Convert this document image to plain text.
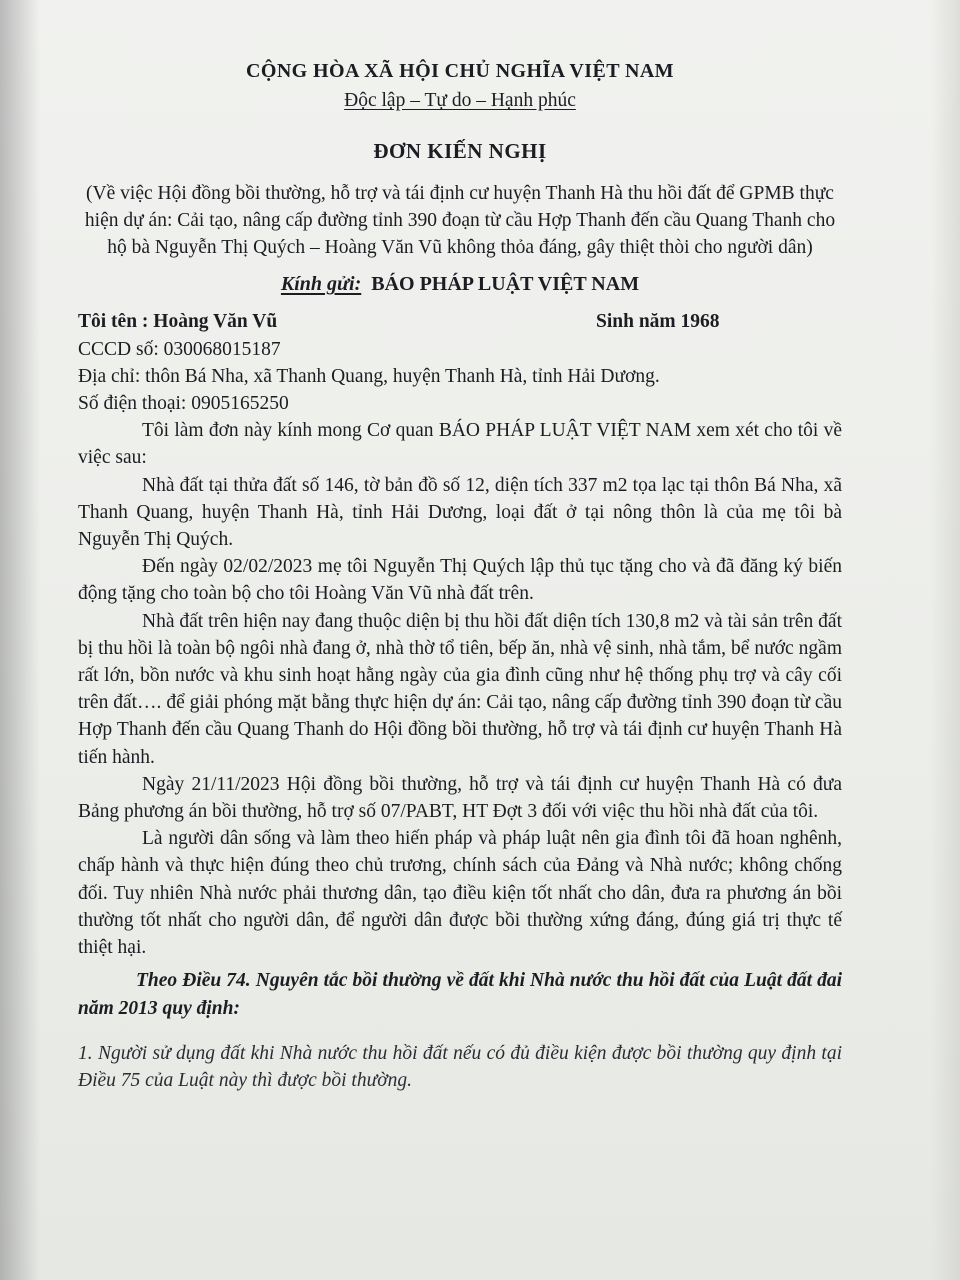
CỘNG HÒA XÃ HỘI CHỦ NGHĨA VIỆT NAM

Độc lập – Tự do – Hạnh phúc

ĐƠN KIẾN NGHỊ

(Về việc Hội đồng bồi thường, hỗ trợ và tái định cư huyện Thanh Hà thu hồi đất để GPMB thực hiện dự án: Cải tạo, nâng cấp đường tỉnh 390 đoạn từ cầu Hợp Thanh đến cầu Quang Thanh cho hộ bà Nguyễn Thị Quých – Hoàng Văn Vũ không thỏa đáng, gây thiệt thòi cho người dân)

Kính gửi: BÁO PHÁP LUẬT VIỆT NAM

Tôi tên : Hoàng Văn Vũ	Sinh năm 1968

CCCD số: 030068015187

Địa chỉ: thôn Bá Nha, xã Thanh Quang, huyện Thanh Hà, tỉnh Hải Dương.

Số điện thoại: 0905165250

Tôi làm đơn này kính mong Cơ quan BÁO PHÁP LUẬT VIỆT NAM xem xét cho tôi về việc sau:

Nhà đất tại thửa đất số 146, tờ bản đồ số 12, diện tích 337 m2 tọa lạc tại thôn Bá Nha, xã Thanh Quang, huyện Thanh Hà, tỉnh Hải Dương, loại đất ở tại nông thôn là của mẹ tôi bà Nguyễn Thị Quých.

Đến ngày 02/02/2023 mẹ tôi Nguyễn Thị Quých lập thủ tục tặng cho và đã đăng ký biến động tặng cho toàn bộ cho tôi Hoàng Văn Vũ nhà đất trên.

Nhà đất trên hiện nay đang thuộc diện bị thu hồi đất diện tích 130,8 m2 và tài sản trên đất bị thu hồi là toàn bộ ngôi nhà đang ở, nhà thờ tổ tiên, bếp ăn, nhà vệ sinh, nhà tắm, bể nước ngầm rất lớn, bồn nước và khu sinh hoạt hằng ngày của gia đình cũng như hệ thống phụ trợ và cây cối trên đất…. để giải phóng mặt bằng thực hiện dự án: Cải tạo, nâng cấp đường tỉnh 390 đoạn từ cầu Hợp Thanh đến cầu Quang Thanh do Hội đồng bồi thường, hỗ trợ và tái định cư huyện Thanh Hà tiến hành.

Ngày 21/11/2023 Hội đồng bồi thường, hỗ trợ và tái định cư huyện Thanh Hà có đưa Bảng phương án bồi thường, hỗ trợ số 07/PABT, HT Đợt 3 đối với việc thu hồi nhà đất của tôi.

Là người dân sống và làm theo hiến pháp và pháp luật nên gia đình tôi đã hoan nghênh, chấp hành và thực hiện đúng theo chủ trương, chính sách của Đảng và Nhà nước; không chống đối. Tuy nhiên Nhà nước phải thương dân, tạo điều kiện tốt nhất cho dân, đưa ra phương án bồi thường tốt nhất cho người dân, để người dân được bồi thường xứng đáng, đúng giá trị thực tế thiệt hại.

Theo Điều 74. Nguyên tắc bồi thường về đất khi Nhà nước thu hồi đất của Luật đất đai năm 2013 quy định:

1. Người sử dụng đất khi Nhà nước thu hồi đất nếu có đủ điều kiện được bồi thường quy định tại Điều 75 của Luật này thì được bồi thường.
